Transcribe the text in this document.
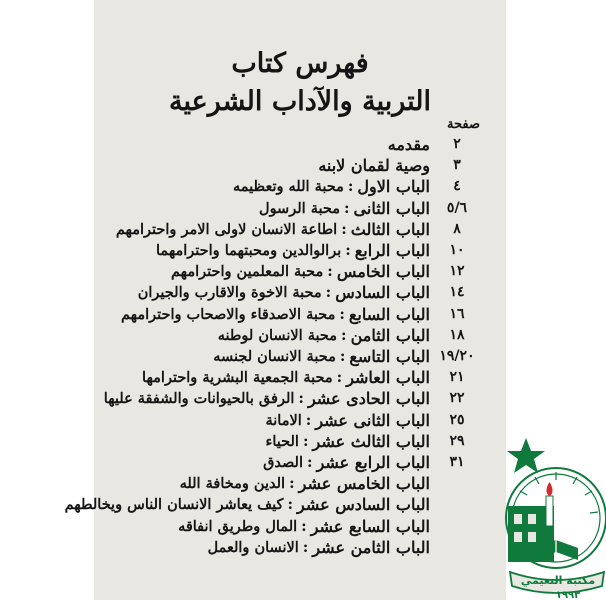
فهرس كتاب
التربية والآداب الشرعية
صفحة
٢
مقدمه
٣
وصية لقمان لابنه
٤
الباب الاول
:
محبة الله وتعظيمه
٥/٦
الباب الثانى
:
محبة الرسول
٨
الباب الثالث
:
اطاعة الانسان لاولى الامر واحترامهم
١٠
الباب الرابع
:
برالوالدين ومحبتهما واحترامهما
١٢
الباب الخامس
:
محبة المعلمين واحترامهم
١٤
الباب السادس
:
محبة الاخوة والاقارب والجيران
١٦
الباب السابع
:
محبة الاصدقاء والاصحاب واحترامهم
١٨
الباب الثامن
:
محبة الانسان لوطنه
١٩/٢٠
الباب التاسع
:
محبة الانسان لجنسه
٢١
الباب العاشر
:
محبة الجمعية البشرية واحترامها
٢٢
الباب الحادى عشر
:
الرفق بالحيوانات والشفقة عليها
٢٥
الباب الثانى عشر
:
الامانة
٢٩
الباب الثالث عشر
:
الحياء
٣١
الباب الرابع عشر
:
الصدق
الباب الخامس عشر
:
الدين ومخافة الله
الباب السادس عشر
:
كيف يعاشر الانسان الناس ويخالطهم
الباب السابع عشر
:
المال وطريق انفاقه
الباب الثامن عشر
:
الانسان والعمل
مكتبة النعيمي
١٩٩٣
